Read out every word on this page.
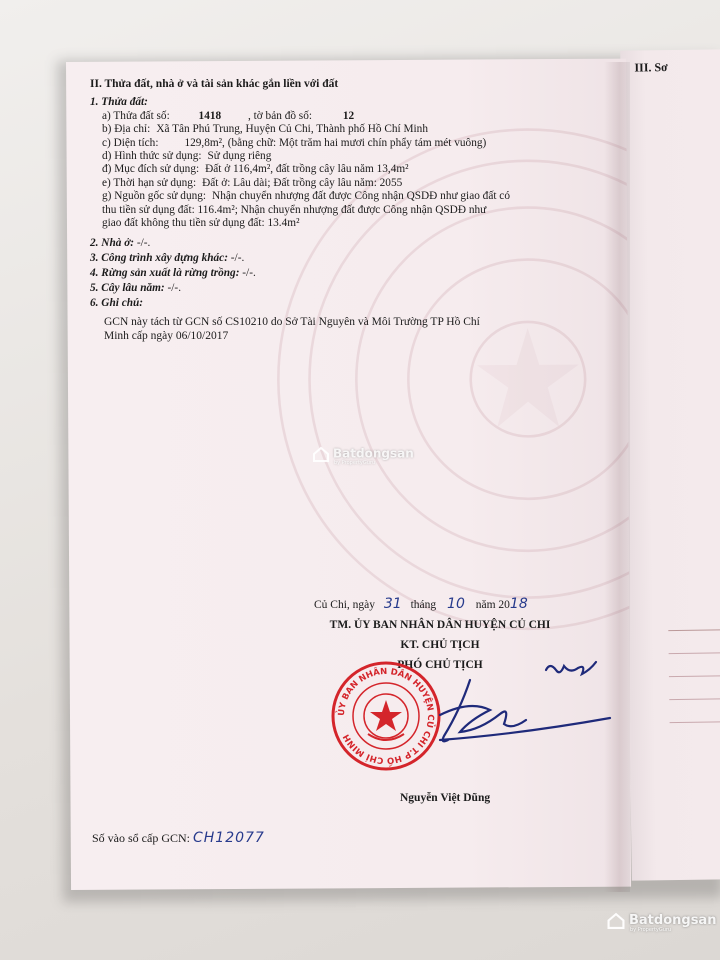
III. Sơ
II. Thửa đất, nhà ở và tài sản khác gắn liền với đất
1. Thửa đất:
a) Thửa đất số:	1418 , tờ bản đồ số:	12
b) Địa chỉ: Xã Tân Phú Trung, Huyện Củ Chi, Thành phố Hồ Chí Minh
c) Diện tích: 129,8m², (bằng chữ: Một trăm hai mươi chín phẩy tám mét vuông)
d) Hình thức sử dụng: Sử dụng riêng
đ) Mục đích sử dụng: Đất ở 116,4m², đất trồng cây lâu năm 13,4m²
e) Thời hạn sử dụng: Đất ở: Lâu dài; Đất trồng cây lâu năm: 2055
g) Nguồn gốc sử dụng: Nhận chuyển nhượng đất được Công nhận QSDĐ như giao đất có
thu tiền sử dụng đất: 116.4m²; Nhận chuyển nhượng đất được Công nhận QSDĐ như
giao đất không thu tiền sử dụng đất: 13.4m²
2. Nhà ở: -/-.
3. Công trình xây dựng khác: -/-.
4. Rừng sản xuất là rừng trồng: -/-.
5. Cây lâu năm: -/-.
6. Ghi chú:
GCN này tách từ GCN số CS10210 do Sở Tài Nguyên và Môi Trường TP Hồ Chí
Minh cấp ngày 06/10/2017
Batdongsan
by PropertyGuru
Củ Chi, ngày 31 tháng 10 năm 2018
TM. ỦY BAN NHÂN DÂN HUYỆN CỦ CHI
KT. CHỦ TỊCH
PHÓ CHỦ TỊCH
ỦY BAN NHÂN DÂN HUYỆN CỦ CHI T.P HỒ CHÍ MINH
Nguyễn Việt Dũng
Số vào sổ cấp GCN: CH12077
Batdongsan
by PropertyGuru
